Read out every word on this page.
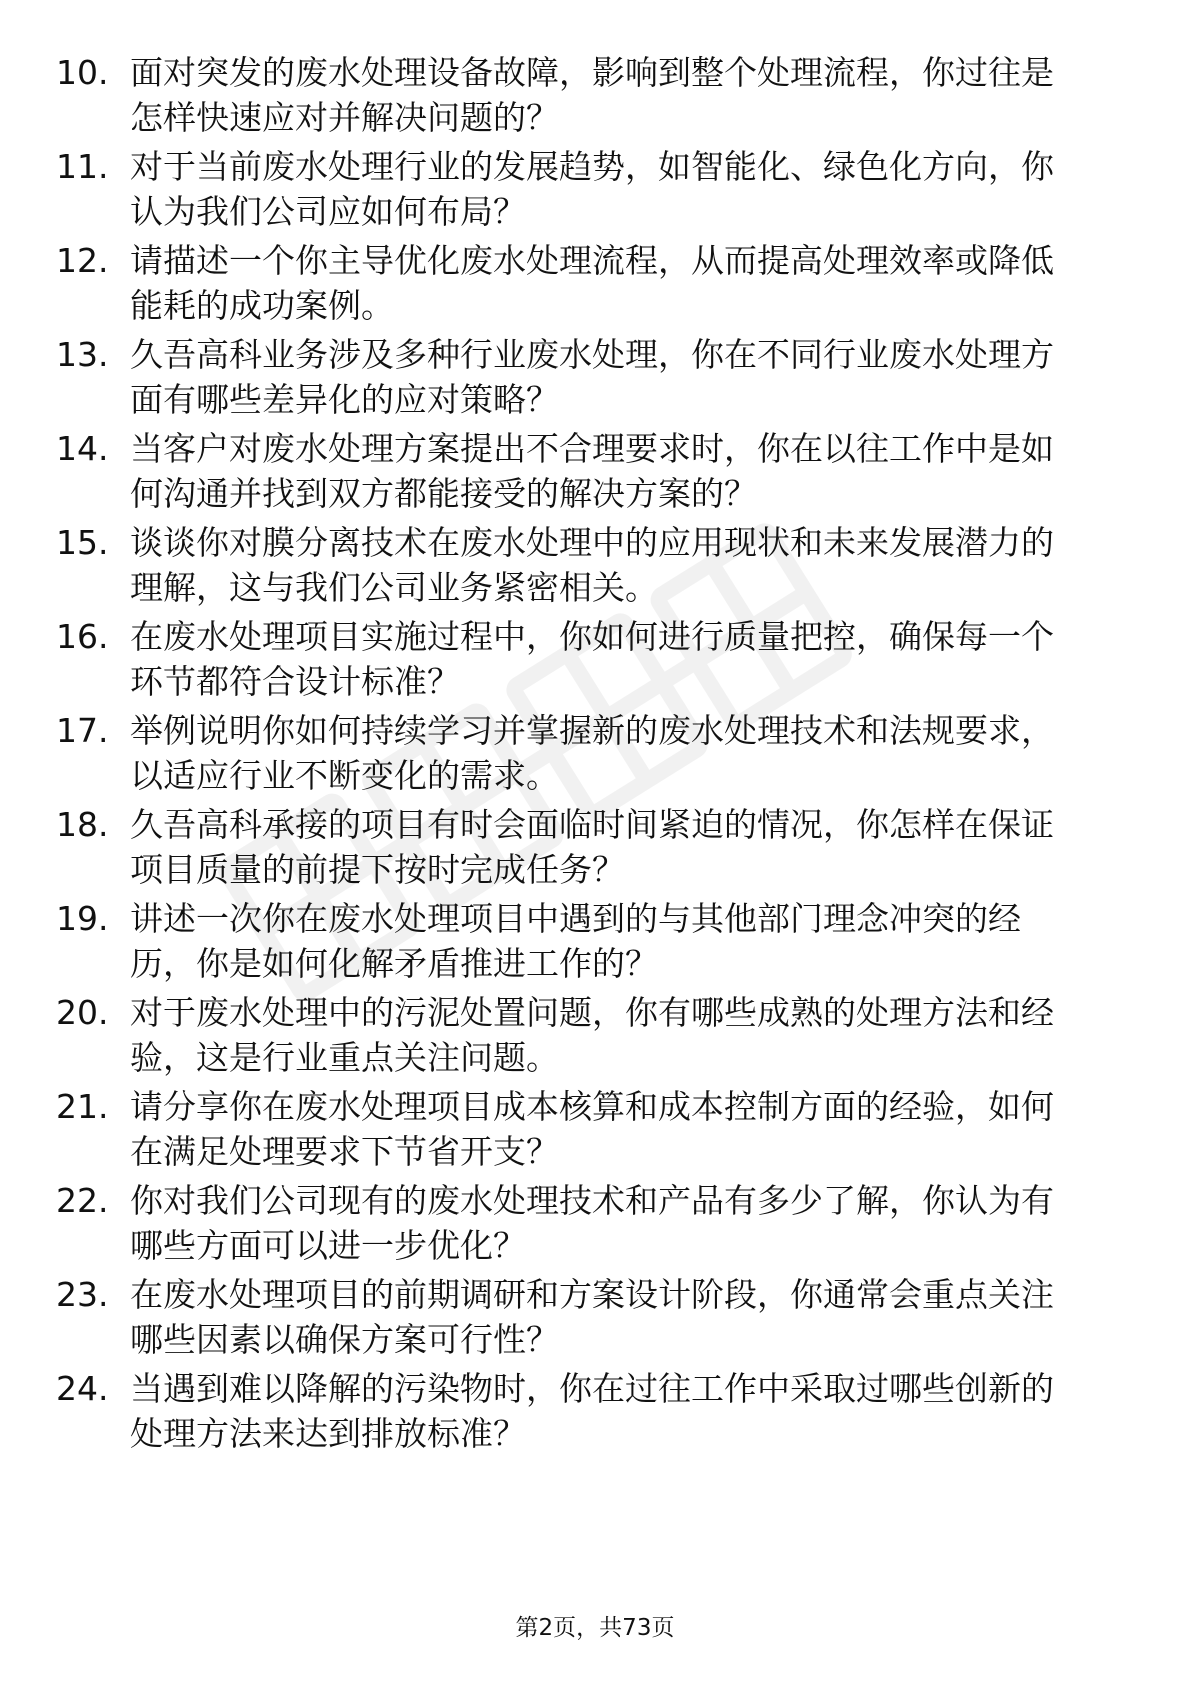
10. 面对突发的废水处理设备故障，影响到整个处理流程，你过往是
怎样快速应对并解决问题的？
11. 对于当前废水处理行业的发展趋势，如智能化、绿色化方向，你
认为我们公司应如何布局？
12. 请描述一个你主导优化废水处理流程，从而提高处理效率或降低
能耗的成功案例。
13. 久吾高科业务涉及多种行业废水处理，你在不同行业废水处理方
面有哪些差异化的应对策略？
14. 当客户对废水处理方案提出不合理要求时，你在以往工作中是如
何沟通并找到双方都能接受的解决方案的？
15. 谈谈你对膜分离技术在废水处理中的应用现状和未来发展潜力的
理解，这与我们公司业务紧密相关。
16. 在废水处理项目实施过程中，你如何进行质量把控，确保每一个
环节都符合设计标准？
17. 举例说明你如何持续学习并掌握新的废水处理技术和法规要求，
以适应行业不断变化的需求。
18. 久吾高科承接的项目有时会面临时间紧迫的情况，你怎样在保证
项目质量的前提下按时完成任务？
19. 讲述一次你在废水处理项目中遇到的与其他部门理念冲突的经
历，你是如何化解矛盾推进工作的？
20. 对于废水处理中的污泥处置问题，你有哪些成熟的处理方法和经
验，这是行业重点关注问题。
21. 请分享你在废水处理项目成本核算和成本控制方面的经验，如何
在满足处理要求下节省开支？
22. 你对我们公司现有的废水处理技术和产品有多少了解，你认为有
哪些方面可以进一步优化？
23. 在废水处理项目的前期调研和方案设计阶段，你通常会重点关注
哪些因素以确保方案可行性？
24. 当遇到难以降解的污染物时，你在过往工作中采取过哪些创新的
处理方法来达到排放标准？
第2页，共73页
